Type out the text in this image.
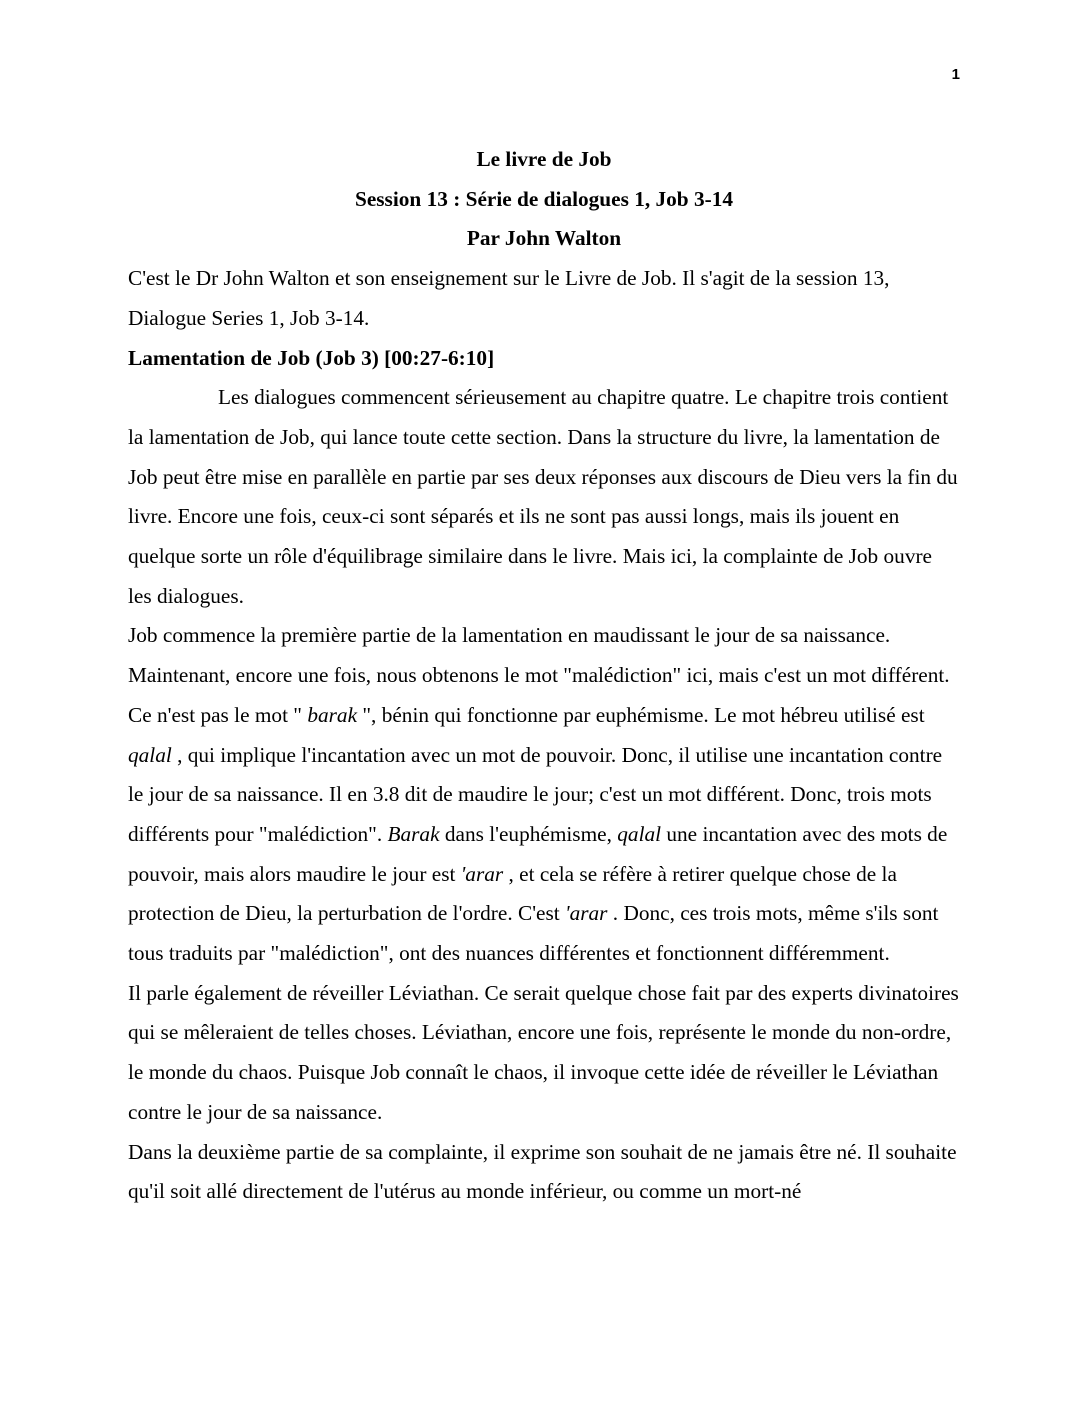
1

Le livre de Job

Session 13 : Série de dialogues 1, Job 3-14

Par John Walton

C'est le Dr John Walton et son enseignement sur le Livre de Job. Il s'agit de la session 13, Dialogue Series 1, Job 3-14.

Lamentation de Job (Job 3) [00:27-6:10]

Les dialogues commencent sérieusement au chapitre quatre. Le chapitre trois contient la lamentation de Job, qui lance toute cette section. Dans la structure du livre, la lamentation de Job peut être mise en parallèle en partie par ses deux réponses aux discours de Dieu vers la fin du livre. Encore une fois, ceux-ci sont séparés et ils ne sont pas aussi longs, mais ils jouent en quelque sorte un rôle d'équilibrage similaire dans le livre. Mais ici, la complainte de Job ouvre les dialogues.

Job commence la première partie de la lamentation en maudissant le jour de sa naissance. Maintenant, encore une fois, nous obtenons le mot "malédiction" ici, mais c'est un mot différent. Ce n'est pas le mot " barak ", bénin qui fonctionne par euphémisme. Le mot hébreu utilisé est qalal , qui implique l'incantation avec un mot de pouvoir. Donc, il utilise une incantation contre le jour de sa naissance. Il en 3.8 dit de maudire le jour; c'est un mot différent. Donc, trois mots différents pour "malédiction". Barak dans l'euphémisme, qalal une incantation avec des mots de pouvoir, mais alors maudire le jour est 'arar , et cela se réfère à retirer quelque chose de la protection de Dieu, la perturbation de l'ordre. C'est 'arar . Donc, ces trois mots, même s'ils sont tous traduits par "malédiction", ont des nuances différentes et fonctionnent différemment.

Il parle également de réveiller Léviathan. Ce serait quelque chose fait par des experts divinatoires qui se mêleraient de telles choses. Léviathan, encore une fois, représente le monde du non-ordre, le monde du chaos. Puisque Job connaît le chaos, il invoque cette idée de réveiller le Léviathan contre le jour de sa naissance.

Dans la deuxième partie de sa complainte, il exprime son souhait de ne jamais être né. Il souhaite qu'il soit allé directement de l'utérus au monde inférieur, ou comme un mort-né
